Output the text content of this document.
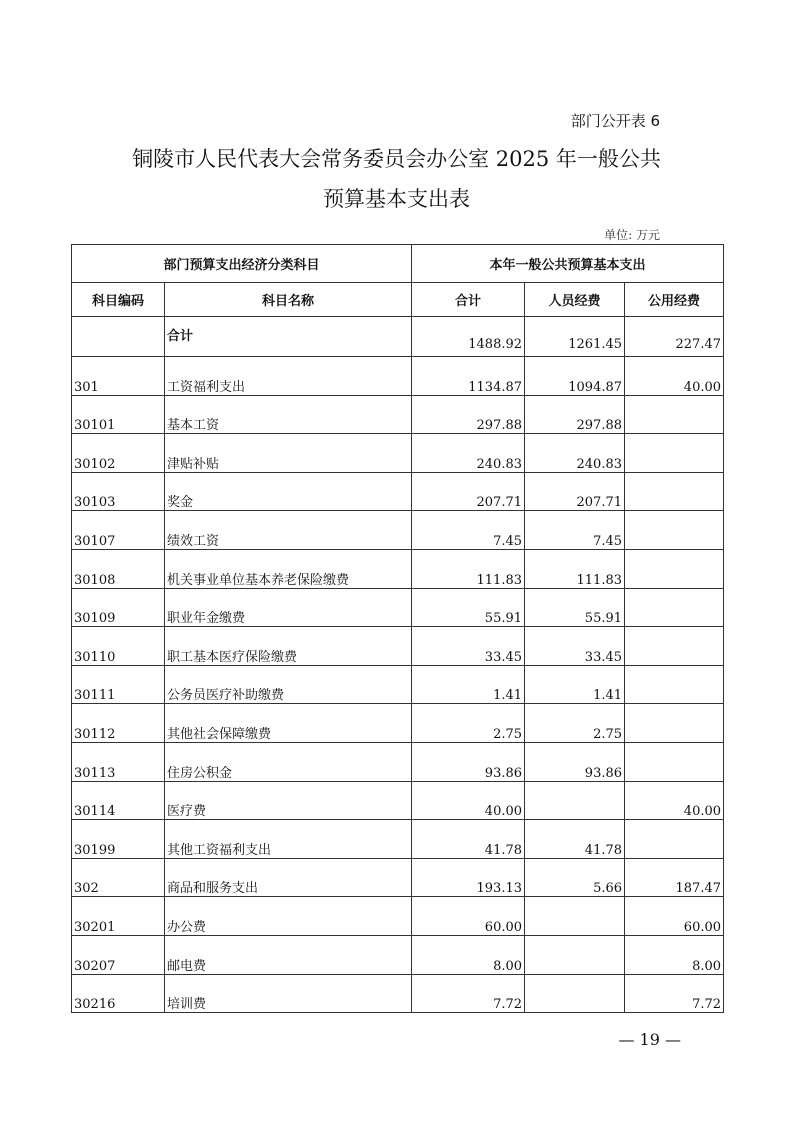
部门公开表 6
铜陵市人民代表大会常务委员会办公室 2025 年一般公共
预算基本支出表
单位: 万元
部门预算支出经济分类科目		本年一般公共预算基本支出		
科目编码	科目名称	合计	人员经费	公用经费
	合计	1488.92	1261.45	227.47
301	工资福利支出	1134.87	1094.87	40.00
30101	基本工资	297.88	297.88	
30102	津贴补贴	240.83	240.83	
30103	奖金	207.71	207.71	
30107	绩效工资	7.45	7.45	
30108	机关事业单位基本养老保险缴费	111.83	111.83	
30109	职业年金缴费	55.91	55.91	
30110	职工基本医疗保险缴费	33.45	33.45	
30111	公务员医疗补助缴费	1.41	1.41	
30112	其他社会保障缴费	2.75	2.75	
30113	住房公积金	93.86	93.86	
30114	医疗费	40.00		40.00
30199	其他工资福利支出	41.78	41.78	
302	商品和服务支出	193.13	5.66	187.47
30201	办公费	60.00		60.00
30207	邮电费	8.00		8.00
30216	培训费	7.72		7.72
— 19 —
